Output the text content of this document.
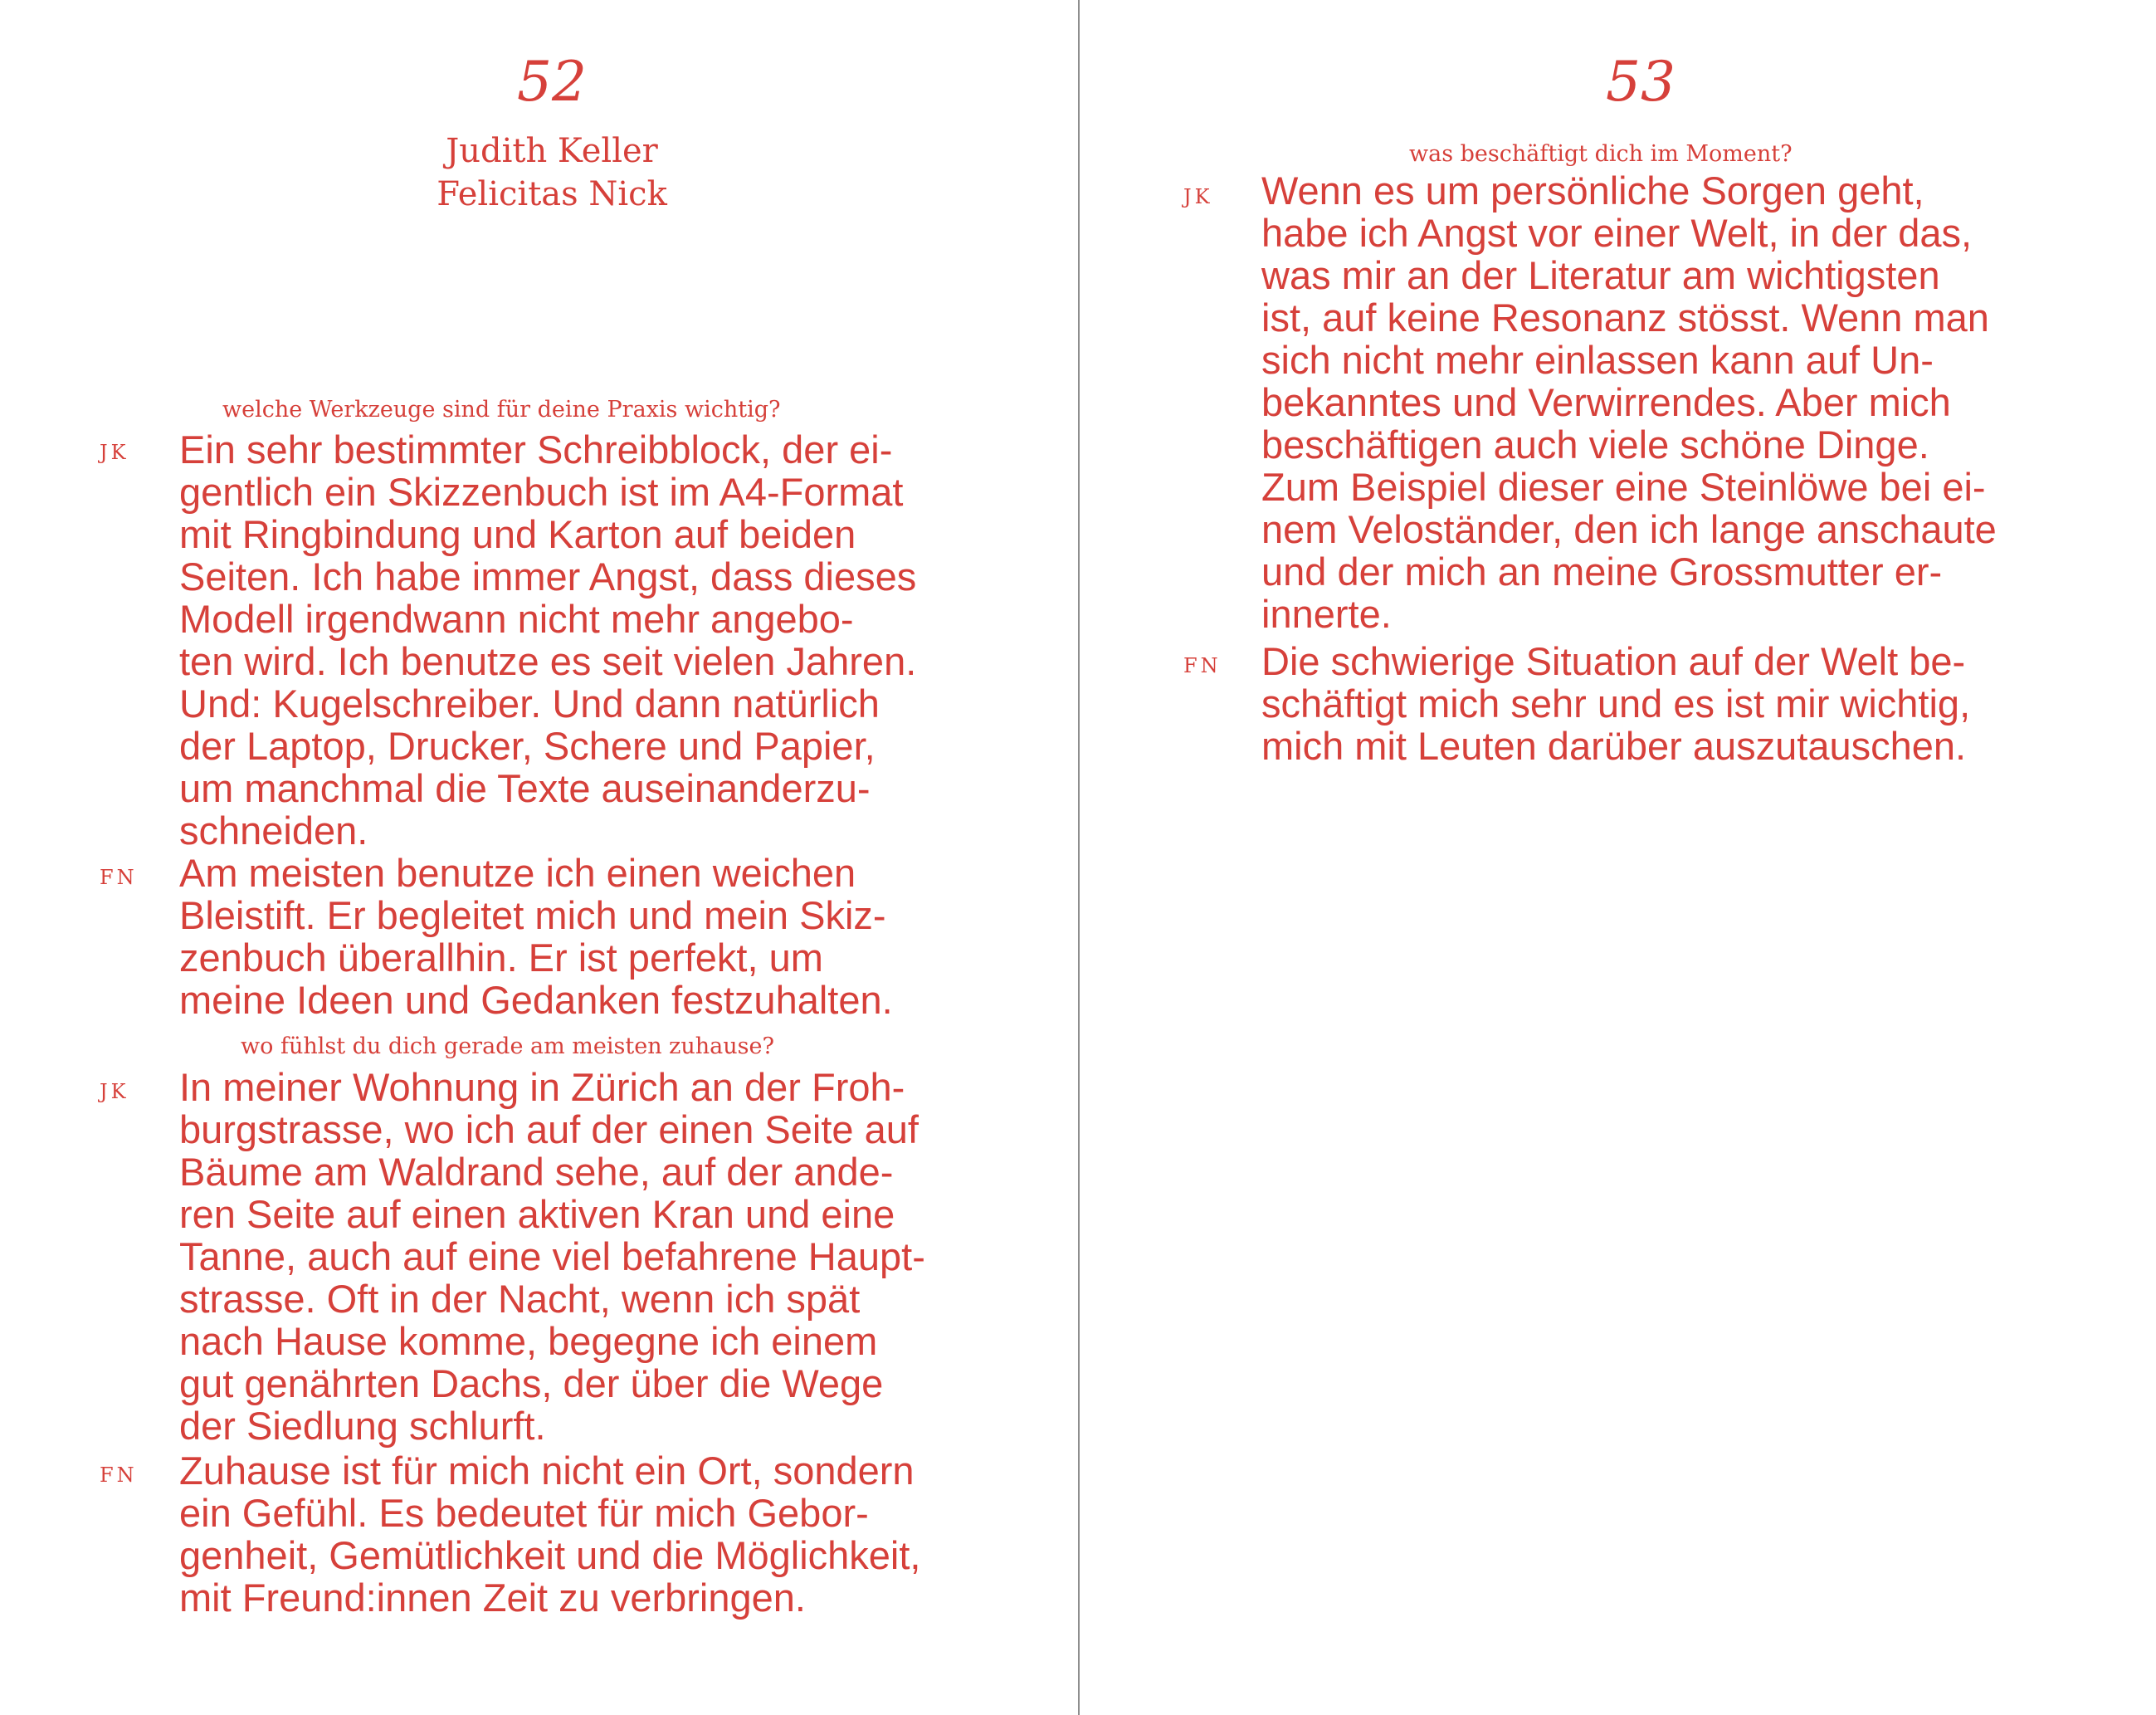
52
Judith Keller
Felicitas Nick
welche Werkzeuge sind für deine Praxis wichtig?
JK Ein sehr bestimmter Schreibblock, der ei-
gentlich ein Skizzenbuch ist im A4-Format
mit Ringbindung und Karton auf beiden
Seiten. Ich habe immer Angst, dass dieses
Modell irgendwann nicht mehr angebo-
ten wird. Ich benutze es seit vielen Jahren.
Und: Kugelschreiber. Und dann natürlich
der Laptop, Drucker, Schere und Papier,
um manchmal die Texte auseinanderzu-
schneiden.
FN Am meisten benutze ich einen weichen
Bleistift. Er begleitet mich und mein Skiz-
zenbuch überallhin. Er ist perfekt, um
meine Ideen und Gedanken festzuhalten.
wo fühlst du dich gerade am meisten zuhause?
JK In meiner Wohnung in Zürich an der Froh-
burgstrasse, wo ich auf der einen Seite auf
Bäume am Waldrand sehe, auf der ande-
ren Seite auf einen aktiven Kran und eine
Tanne, auch auf eine viel befahrene Haupt-
strasse. Oft in der Nacht, wenn ich spät
nach Hause komme, begegne ich einem
gut genährten Dachs, der über die Wege
der Siedlung schlurft.
FN Zuhause ist für mich nicht ein Ort, sondern
ein Gefühl. Es bedeutet für mich Gebor-
genheit, Gemütlichkeit und die Möglichkeit,
mit Freund:innen Zeit zu verbringen.
53
was beschäftigt dich im Moment?
JK Wenn es um persönliche Sorgen geht,
habe ich Angst vor einer Welt, in der das,
was mir an der Literatur am wichtigsten
ist, auf keine Resonanz stösst. Wenn man
sich nicht mehr einlassen kann auf Un-
bekanntes und Verwirrendes. Aber mich
beschäftigen auch viele schöne Dinge.
Zum Beispiel dieser eine Steinlöwe bei ei-
nem Veloständer, den ich lange anschaute
und der mich an meine Grossmutter er-
innerte.
FN Die schwierige Situation auf der Welt be-
schäftigt mich sehr und es ist mir wichtig,
mich mit Leuten darüber auszutauschen.
